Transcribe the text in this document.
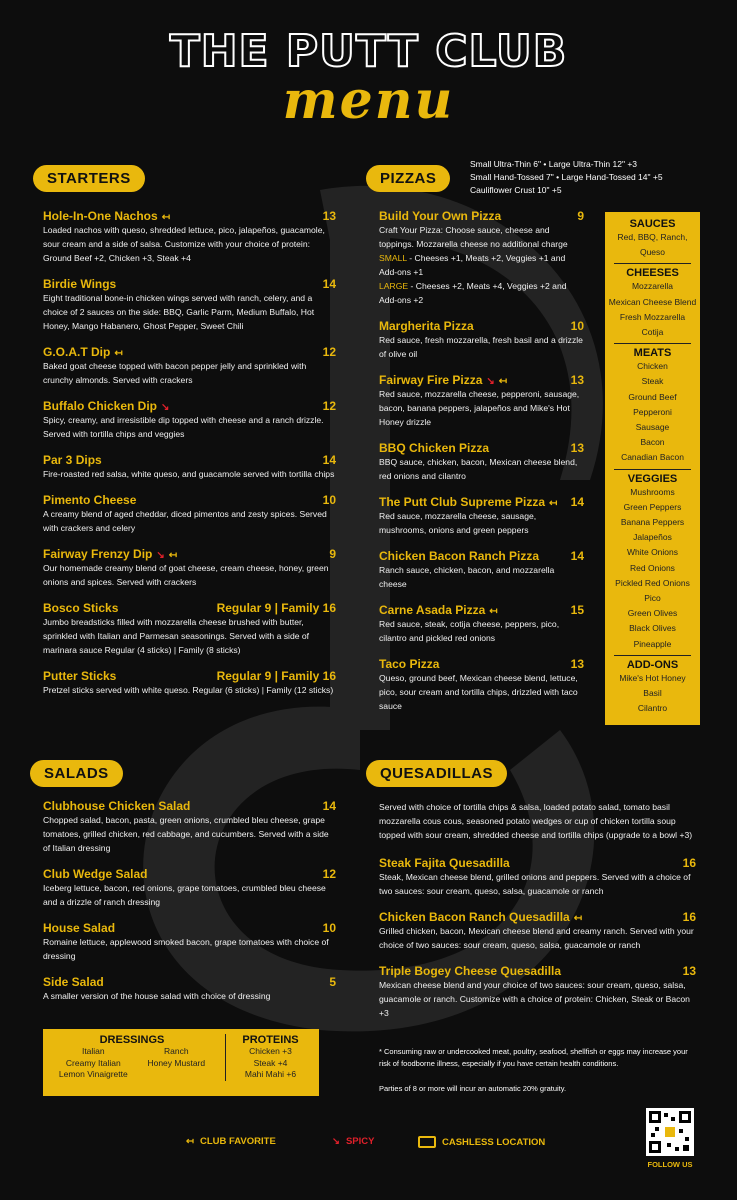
THE PUTT CLUB
menu
STARTERS
Hole-In-One Nachos ↤	13
Loaded nachos with queso, shredded lettuce, pico, jalapeños, guacamole, sour cream and a side of salsa. Customize with your choice of protein: Ground Beef +2, Chicken +3, Steak +4
Birdie Wings	14
Eight traditional bone-in chicken wings served with ranch, celery, and a choice of 2 sauces on the side: BBQ, Garlic Parm, Medium Buffalo, Hot Honey, Mango Habanero, Ghost Pepper, Sweet Chili
G.O.A.T Dip ↤	12
Baked goat cheese topped with bacon pepper jelly and sprinkled with crunchy almonds. Served with crackers
Buffalo Chicken Dip ↘	12
Spicy, creamy, and irresistible dip topped with cheese and a ranch drizzle. Served with tortilla chips and veggies
Par 3 Dips	14
Fire-roasted red salsa, white queso, and guacamole served with tortilla chips
Pimento Cheese	10
A creamy blend of aged cheddar, diced pimentos and zesty spices. Served with crackers and celery
Fairway Frenzy Dip ↘ ↤	9
Our homemade creamy blend of goat cheese, cream cheese, honey, green onions and spices. Served with crackers
Bosco Sticks	Regular 9 | Family 16
Jumbo breadsticks filled with mozzarella cheese brushed with butter, sprinkled with Italian and Parmesan seasonings. Served with a side of marinara sauce Regular (4 sticks) | Family (8 sticks)
Putter Sticks	Regular 9 | Family 16
Pretzel sticks served with white queso. Regular (6 sticks) | Family (12 sticks)
PIZZAS
Small Ultra-Thin 6" • Large Ultra-Thin 12" +3
Small Hand-Tossed 7" • Large Hand-Tossed 14" +5
Cauliflower Crust 10" +5
Build Your Own Pizza	9
Craft Your Pizza: Choose sauce, cheese and toppings. Mozzarella cheese no additional charge
SMALL - Cheeses +1, Meats +2, Veggies +1 and Add-ons +1
LARGE - Cheeses +2, Meats +4, Veggies +2 and Add-ons +2
Margherita Pizza	10
Red sauce, fresh mozzarella, fresh basil and a drizzle of olive oil
Fairway Fire Pizza ↘ ↤	13
Red sauce, mozzarella cheese, pepperoni, sausage, bacon, banana peppers, jalapeños and Mike's Hot Honey drizzle
BBQ Chicken Pizza	13
BBQ sauce, chicken, bacon, Mexican cheese blend, red onions and cilantro
The Putt Club Supreme Pizza ↤ 14
Red sauce, mozzarella cheese, sausage, mushrooms, onions and green peppers
Chicken Bacon Ranch Pizza	14
Ranch sauce, chicken, bacon, and mozzarella cheese
Carne Asada Pizza ↤	15
Red sauce, steak, cotija cheese, peppers, pico, cilantro and pickled red onions
Taco Pizza	13
Queso, ground beef, Mexican cheese blend, lettuce, pico, sour cream and tortilla chips, drizzled with taco sauce
SAUCES
Red, BBQ, Ranch, Queso
CHEESES
Mozzarella
Mexican Cheese Blend
Fresh Mozzarella
Cotija
MEATS
Chicken
Steak
Ground Beef
Pepperoni
Sausage
Bacon
Canadian Bacon
VEGGIES
Mushrooms
Green Peppers
Banana Peppers
Jalapeños
White Onions
Red Onions
Pickled Red Onions
Pico
Green Olives
Black Olives
Pineapple
ADD-ONS
Mike's Hot Honey
Basil
Cilantro
SALADS
Clubhouse Chicken Salad	14
Chopped salad, bacon, pasta, green onions, crumbled bleu cheese, grape tomatoes, grilled chicken, red cabbage, and cucumbers. Served with a side of Italian dressing
Club Wedge Salad	12
Iceberg lettuce, bacon, red onions, grape tomatoes, crumbled bleu cheese and a drizzle of ranch dressing
House Salad	10
Romaine lettuce, applewood smoked bacon, grape tomatoes with choice of dressing
Side Salad	5
A smaller version of the house salad with choice of dressing
DRESSINGS
Italian
Creamy Italian
Lemon Vinaigrette
Ranch
Honey Mustard
PROTEINS
Chicken +3
Steak +4
Mahi Mahi +6
QUESADILLAS
Served with choice of tortilla chips & salsa, loaded potato salad, tomato basil mozzarella cous cous, seasoned potato wedges or cup of chicken tortilla soup topped with sour cream, shredded cheese and tortilla chips (upgrade to a bowl +3)
Steak Fajita Quesadilla	16
Steak, Mexican cheese blend, grilled onions and peppers. Served with a choice of two sauces: sour cream, queso, salsa, guacamole or ranch
Chicken Bacon Ranch Quesadilla ↤	16
Grilled chicken, bacon, Mexican cheese blend and creamy ranch. Served with your choice of two sauces: sour cream, queso, salsa, guacamole or ranch
Triple Bogey Cheese Quesadilla	13
Mexican cheese blend and your choice of two sauces: sour cream, queso, salsa, guacamole or ranch. Customize with a choice of protein: Chicken, Steak or Bacon +3
* Consuming raw or undercooked meat, poultry, seafood, shellfish or eggs may increase your risk of foodborne illness, especially if you have certain health conditions.
Parties of 8 or more will incur an automatic 20% gratuity.
↤ CLUB FAVORITE	↘ SPICY	CASHLESS LOCATION
FOLLOW US
